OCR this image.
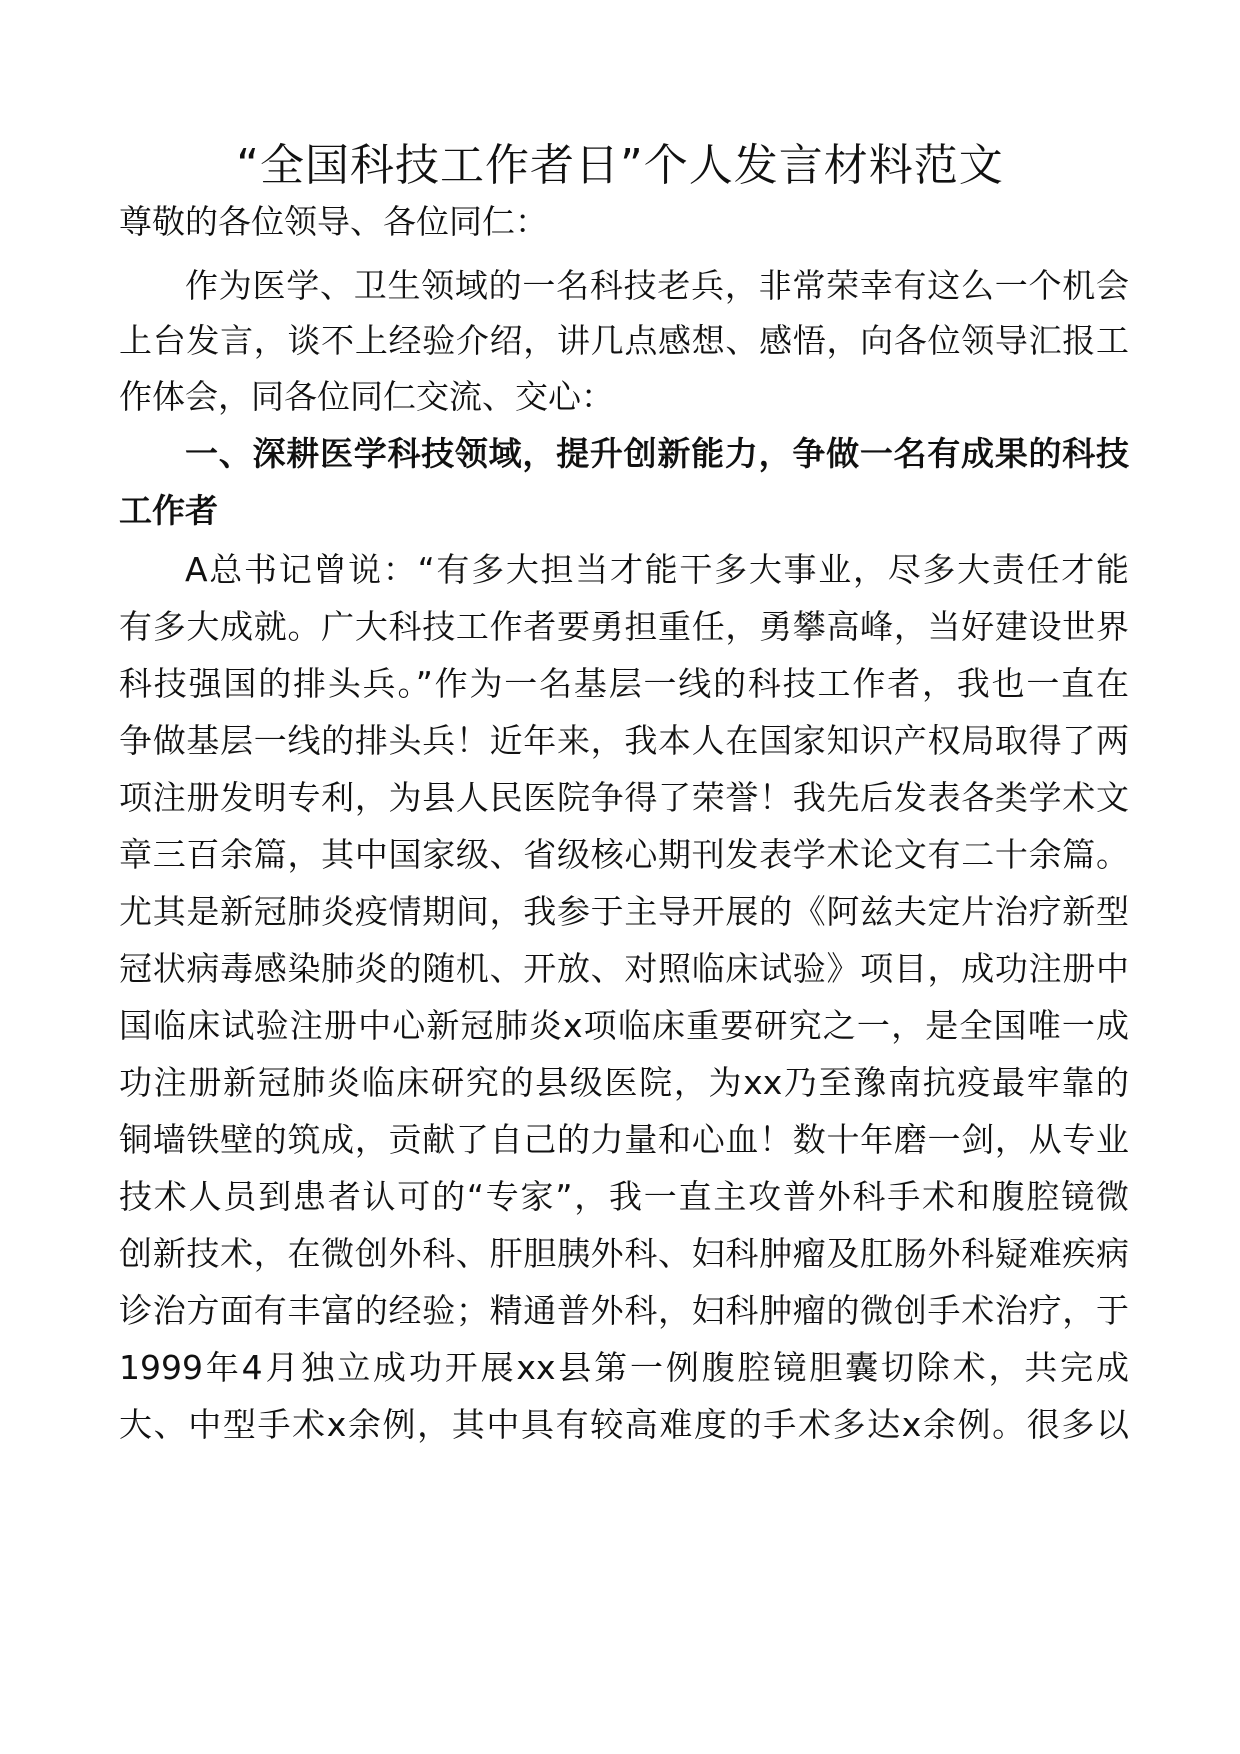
“全国科技工作者日”个人发言材料范文
尊敬的各位领导、各位同仁：
作为医学、卫生领域的一名科技老兵，非常荣幸有这么一个机会
上台发言，谈不上经验介绍，讲几点感想、感悟，向各位领导汇报工
作体会，同各位同仁交流、交心：
一、深耕医学科技领域，提升创新能力，争做一名有成果的科技
工作者
A总书记曾说：“有多大担当才能干多大事业，尽多大责任才能
有多大成就。广大科技工作者要勇担重任，勇攀高峰，当好建设世界
科技强国的排头兵。”作为一名基层一线的科技工作者，我也一直在
争做基层一线的排头兵！近年来，我本人在国家知识产权局取得了两
项注册发明专利，为县人民医院争得了荣誉！我先后发表各类学术文
章三百余篇，其中国家级、省级核心期刊发表学术论文有二十余篇。
尤其是新冠肺炎疫情期间，我参于主导开展的《阿兹夫定片治疗新型
冠状病毒感染肺炎的随机、开放、对照临床试验》项目，成功注册中
国临床试验注册中心新冠肺炎x项临床重要研究之一，是全国唯一成
功注册新冠肺炎临床研究的县级医院，为xx乃至豫南抗疫最牢靠的
铜墙铁壁的筑成，贡献了自己的力量和心血！数十年磨一剑，从专业
技术人员到患者认可的“专家”，我一直主攻普外科手术和腹腔镜微
创新技术，在微创外科、肝胆胰外科、妇科肿瘤及肛肠外科疑难疾病
诊治方面有丰富的经验；精通普外科，妇科肿瘤的微创手术治疗，于
1999年4月独立成功开展xx县第一例腹腔镜胆囊切除术，共完成
大、中型手术x余例，其中具有较高难度的手术多达x余例。很多以
